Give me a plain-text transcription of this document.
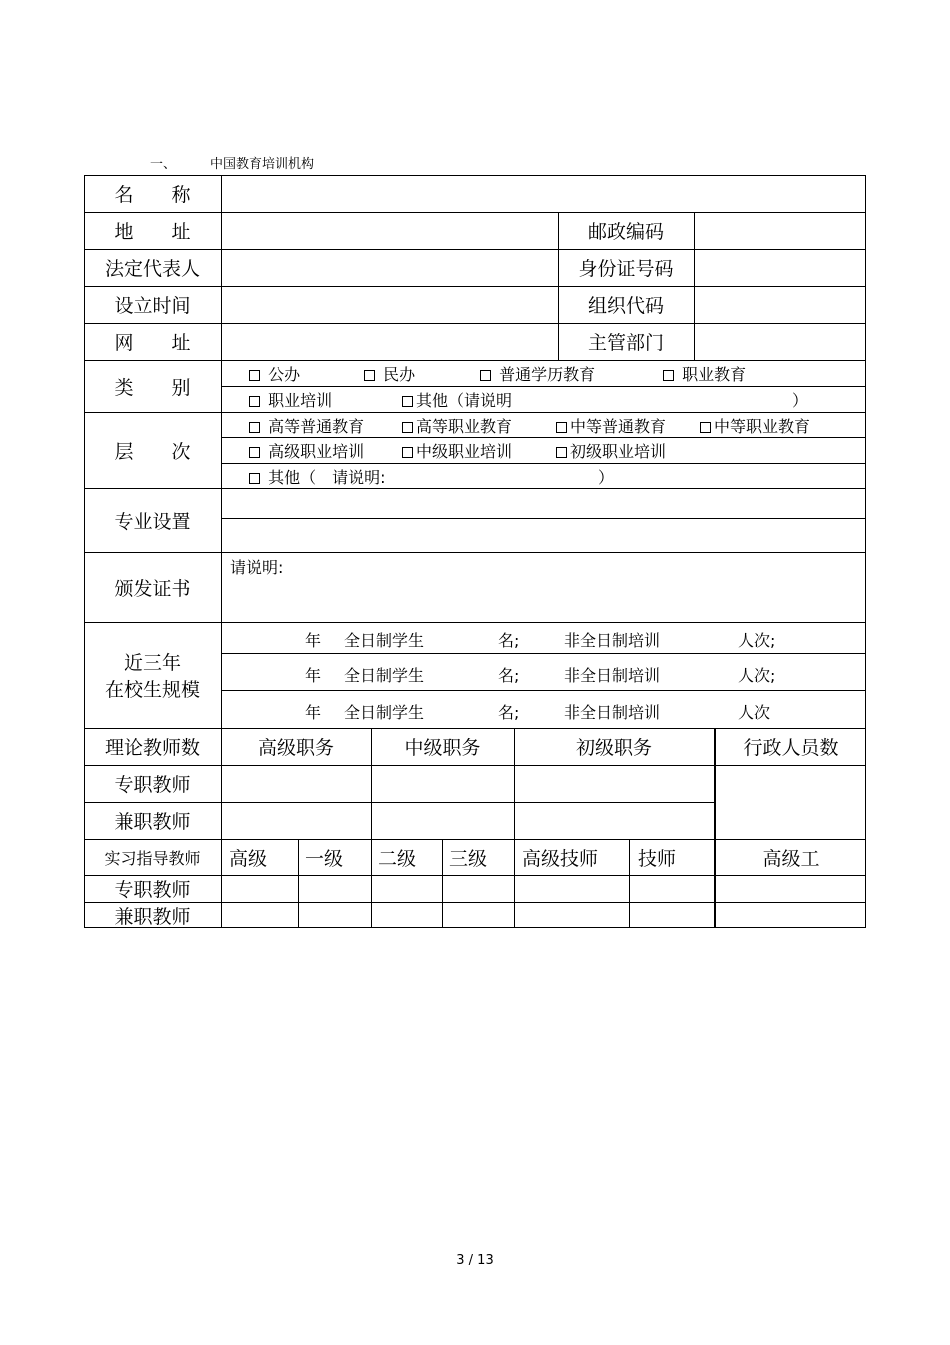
一、	中国教育培训机构
名　　称
地　　址	邮政编码
法定代表人	身份证号码
设立时间	组织代码
网　　址	主管部门
类　　别
公办	民办	普通学历教育	职业教育
职业培训	其他（请说明	）
层　　次
高等普通教育	高等职业教育	中等普通教育	中等职业教育
高级职业培训	中级职业培训	初级职业培训
其他（　请说明:	）
专业设置
颁发证书
请说明:
近三年
在校生规模
年 全日制学生	名;	非全日制培训	人次;
年 全日制学生	名;	非全日制培训	人次;
年 全日制学生	名;	非全日制培训	人次
理论教师数	高级职务	中级职务	初级职务	行政人员数
专职教师
兼职教师
实习指导教师	高级	一级	二级	三级	高级技师	技师	高级工
专职教师
兼职教师
3 / 13
